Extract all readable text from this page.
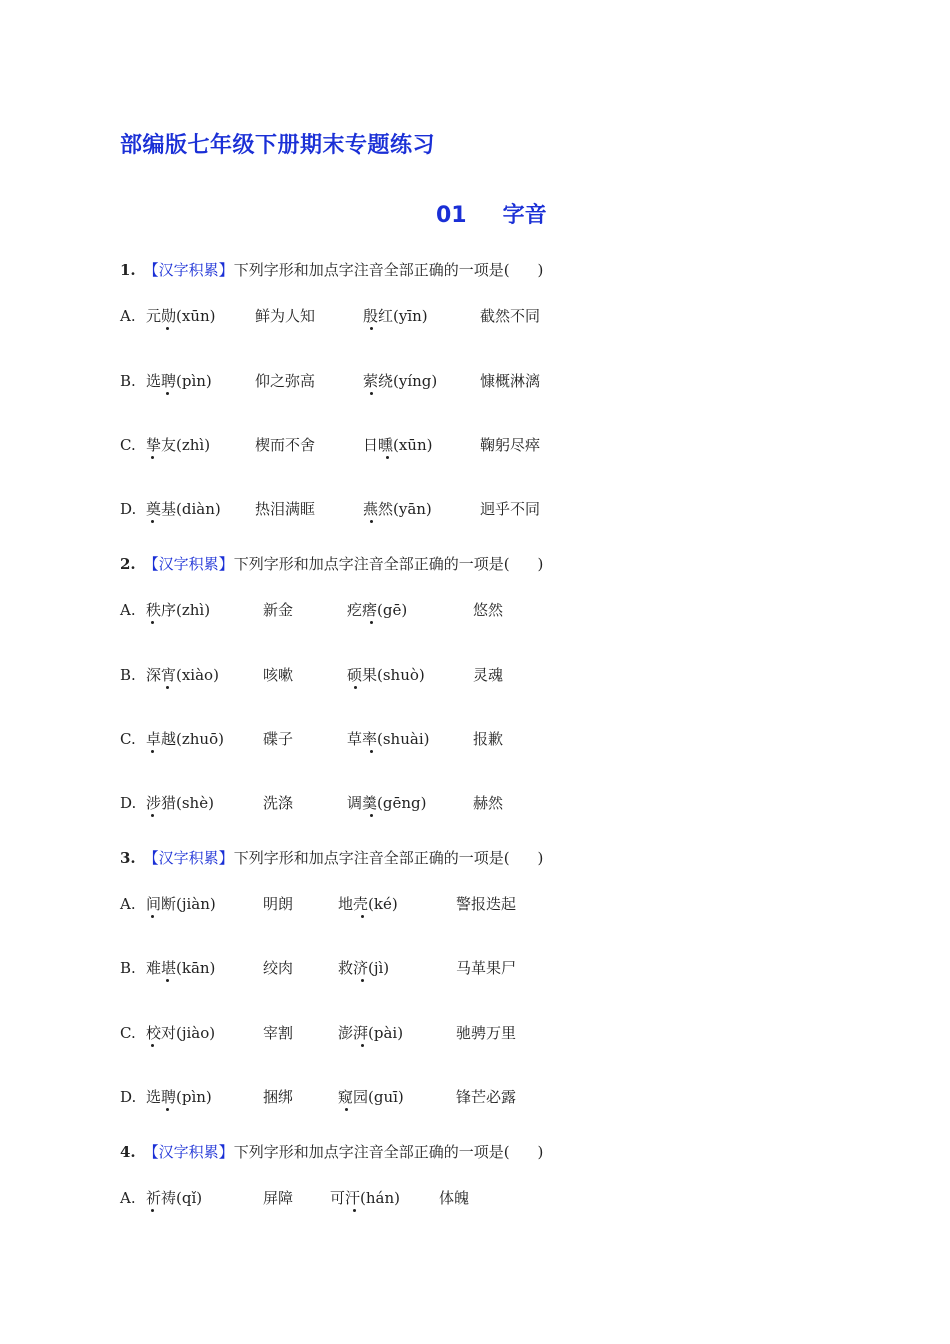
部编版七年级下册期末专题练习
01 字音
1. 【汉字积累】下列字形和加点字注音全部正确的一项是( )
A. 元勋(xūn)	鲜为人知	殷红(yīn)	截然不同
B. 选聘(pìn)	仰之弥高	萦绕(yíng)	慷概淋漓
C. 挚友(zhì)	楔而不舍	日曛(xūn)	鞠躬尽瘁
D. 奠基(diàn) 热泪满眶	燕然(yān)	迥乎不同
2. 【汉字积累】下列字形和加点字注音全部正确的一项是( )
A. 秩序(zhì)	新金	疙瘩(gē)	悠然
B. 深宵(xiào)	咳嗽	硕果(shuò)	灵魂
C. 卓越(zhuō)	碟子	草率(shuài)	报歉
D. 涉猎(shè)	洗涤	调羹(gēng)	赫然
3. 【汉字积累】下列字形和加点字注音全部正确的一项是( )
A. 间断(jiàn)	明朗	地壳(ké)	警报迭起
B. 难堪(kān)	绞肉	救济(jì)	马革果尸
C. 校对(jiào)	宰割	澎湃(pài)	驰骋万里
D. 选聘(pìn)	捆绑	窥园(guī)	锋芒必露
4. 【汉字积累】下列字形和加点字注音全部正确的一项是( )
A. 祈祷(qǐ)	屏障 可汗(hán)	体魄
